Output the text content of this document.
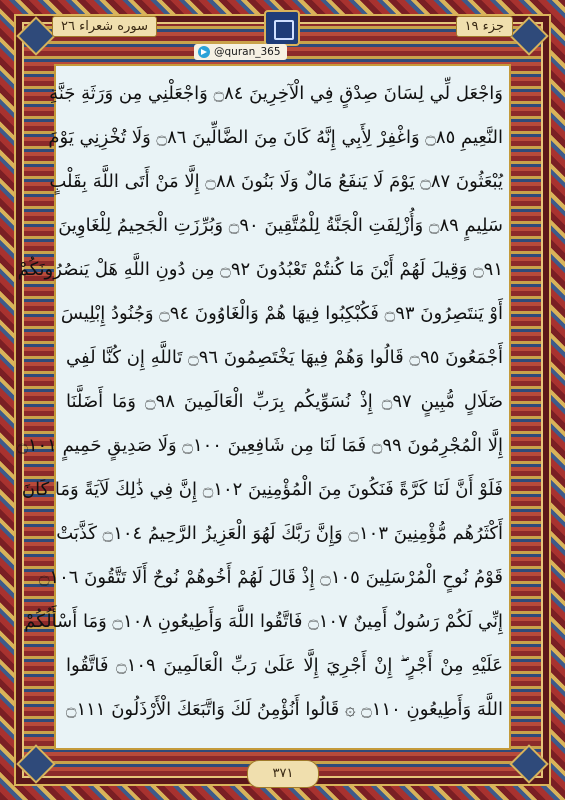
سوره شعراء ٢٦	جزء ١٩
@quran_365
وَاجْعَل لِّي لِسَانَ صِدْقٍ فِي الْآخِرِينَ ۝٨٤ وَاجْعَلْنِي مِن وَرَثَةِ جَنَّةِ
النَّعِيمِ ۝٨٥ وَاغْفِرْ لِأَبِي إِنَّهُ كَانَ مِنَ الضَّالِّينَ ۝٨٦ وَلَا تُخْزِنِي يَوْمَ
يُبْعَثُونَ ۝٨٧ يَوْمَ لَا يَنفَعُ مَالٌ وَلَا بَنُونَ ۝٨٨ إِلَّا مَنْ أَتَى اللَّهَ بِقَلْبٍ
سَلِيمٍ ۝٨٩ وَأُزْلِفَتِ الْجَنَّةُ لِلْمُتَّقِينَ ۝٩٠ وَبُرِّزَتِ الْجَحِيمُ لِلْغَاوِينَ
۝٩١ وَقِيلَ لَهُمْ أَيْنَ مَا كُنتُمْ تَعْبُدُونَ ۝٩٢ مِن دُونِ اللَّهِ هَلْ يَنصُرُونَكُمْ
أَوْ يَنتَصِرُونَ ۝٩٣ فَكُبْكِبُوا فِيهَا هُمْ وَالْغَاوُونَ ۝٩٤ وَجُنُودُ إِبْلِيسَ
أَجْمَعُونَ ۝٩٥ قَالُوا وَهُمْ فِيهَا يَخْتَصِمُونَ ۝٩٦ تَاللَّهِ إِن كُنَّا لَفِي
ضَلَالٍ مُّبِينٍ ۝٩٧ إِذْ نُسَوِّيكُم بِرَبِّ الْعَالَمِينَ ۝٩٨ وَمَا أَضَلَّنَا
إِلَّا الْمُجْرِمُونَ ۝٩٩ فَمَا لَنَا مِن شَافِعِينَ ۝١٠٠ وَلَا صَدِيقٍ حَمِيمٍ ۝١٠١
فَلَوْ أَنَّ لَنَا كَرَّةً فَنَكُونَ مِنَ الْمُؤْمِنِينَ ۝١٠٢ إِنَّ فِي ذَٰلِكَ لَآيَةً وَمَا كَانَ
أَكْثَرُهُم مُّؤْمِنِينَ ۝١٠٣ وَإِنَّ رَبَّكَ لَهُوَ الْعَزِيزُ الرَّحِيمُ ۝١٠٤ كَذَّبَتْ
قَوْمُ نُوحٍ الْمُرْسَلِينَ ۝١٠٥ إِذْ قَالَ لَهُمْ أَخُوهُمْ نُوحٌ أَلَا تَتَّقُونَ ۝١٠٦
إِنِّي لَكُمْ رَسُولٌ أَمِينٌ ۝١٠٧ فَاتَّقُوا اللَّهَ وَأَطِيعُونِ ۝١٠٨ وَمَا أَسْأَلُكُمْ
عَلَيْهِ مِنْ أَجْرٍ ۖ إِنْ أَجْرِيَ إِلَّا عَلَىٰ رَبِّ الْعَالَمِينَ ۝١٠٩ فَاتَّقُوا
اللَّهَ وَأَطِيعُونِ ۝١١٠ ۞ قَالُوا أَنُؤْمِنُ لَكَ وَاتَّبَعَكَ الْأَرْذَلُونَ ۝١١١
٣٧١
